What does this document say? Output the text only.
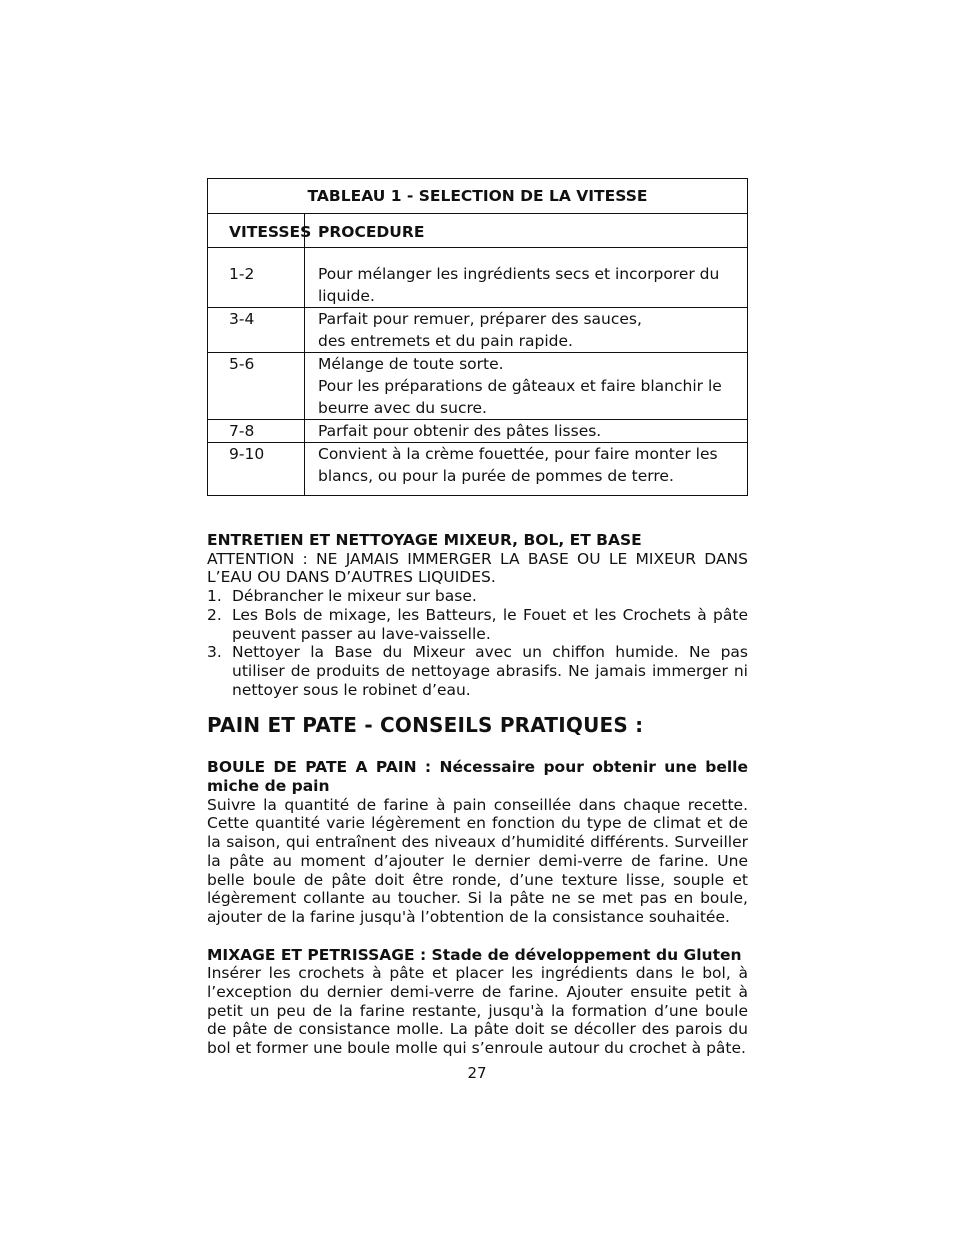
TABLEAU 1 - SELECTION DE LA VITESSE
VITESSES PROCEDURE
1-2	Pour mélanger les ingrédients secs et incorporer du liquide.
3-4	Parfait pour remuer, préparer des sauces,
des entremets et du pain rapide.
5-6	Mélange de toute sorte.
Pour les préparations de gâteaux et faire blanchir le
beurre avec du sucre.
7-8	Parfait pour obtenir des pâtes lisses.
9-10	Convient à la crème fouettée, pour faire monter les
blancs, ou pour la purée de pommes de terre.
ENTRETIEN ET NETTOYAGE MIXEUR, BOL, ET BASE
ATTENTION : NE JAMAIS IMMERGER LA BASE OU LE MIXEUR DANS L’EAU OU DANS D’AUTRES LIQUIDES.
1. Débrancher le mixeur sur base.
2. Les Bols de mixage, les Batteurs, le Fouet et les Crochets à pâte peuvent passer au lave-vaisselle.
3. Nettoyer la Base du Mixeur avec un chiffon humide. Ne pas utiliser de produits de nettoyage abrasifs. Ne jamais immerger ni nettoyer sous le robinet d’eau.
PAIN ET PATE - CONSEILS PRATIQUES :
BOULE DE PATE A PAIN : Nécessaire pour obtenir une belle miche de pain
Suivre la quantité de farine à pain conseillée dans chaque recette. Cette quantité varie légèrement en fonction du type de climat et de la saison, qui entraînent des niveaux d’humidité différents. Surveiller la pâte au moment d’ajouter le dernier demi-verre de farine. Une belle boule de pâte doit être ronde, d’une texture lisse, souple et légèrement collante au toucher. Si la pâte ne se met pas en boule, ajouter de la farine jusqu'à l’obtention de la consistance souhaitée.
MIXAGE ET PETRISSAGE : Stade de développement du Gluten
Insérer les crochets à pâte et placer les ingrédients dans le bol, à l’exception du dernier demi-verre de farine. Ajouter ensuite petit à petit un peu de la farine restante, jusqu'à la formation d’une boule de pâte de consistance molle. La pâte doit se décoller des parois du bol et former une boule molle qui s’enroule autour du crochet à pâte.
27
